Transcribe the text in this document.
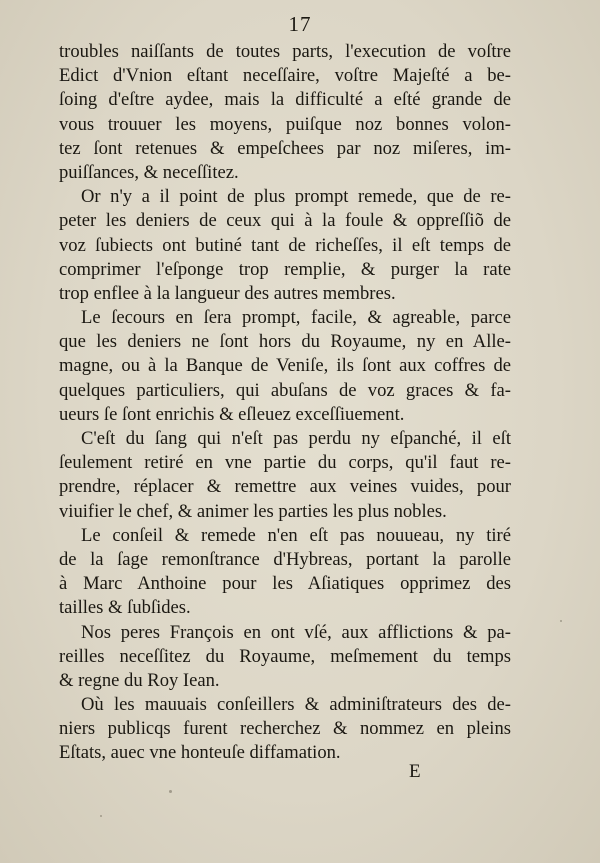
17
troubles naiſſants de toutes parts, l'execution de voſtre
Edict d'Vnion eſtant neceſſaire, voſtre Majeſté a be-
ſoing d'eſtre aydee, mais la difficulté a eſté grande de
vous trouuer les moyens, puiſque noz bonnes volon-
tez ſont retenues & empeſchees par noz miſeres, im-
puiſſances, & neceſſitez.
Or n'y a il point de plus prompt remede, que de re-
peter les deniers de ceux qui à la foule & oppreſſiõ de
voz ſubiects ont butiné tant de richeſſes, il eſt temps de
comprimer l'eſponge trop remplie, & purger la rate
trop enflee à la langueur des autres membres.
Le ſecours en ſera prompt, facile, & agreable, parce
que les deniers ne ſont hors du Royaume, ny en Alle-
magne, ou à la Banque de Veniſe, ils ſont aux coffres de
quelques particuliers, qui abuſans de voz graces & fa-
ueurs ſe ſont enrichis & eſleuez exceſſiuement.
C'eſt du ſang qui n'eſt pas perdu ny eſpanché, il eſt
ſeulement retiré en vne partie du corps, qu'il faut re-
prendre, réplacer & remettre aux veines vuides, pour
viuifier le chef, & animer les parties les plus nobles.
Le conſeil & remede n'en eſt pas nouueau, ny tiré
de la ſage remonſtrance d'Hybreas, portant la parolle
à Marc Anthoine pour les Aſiatiques opprimez des
tailles & ſubſides.
Nos peres François en ont vſé, aux afflictions & pa-
reilles neceſſitez du Royaume, meſmement du temps
& regne du Roy Iean.
Où les mauuais conſeillers & adminiſtrateurs des de-
niers publicqs furent recherchez & nommez en pleins
Eſtats, auec vne honteuſe diffamation.
E
